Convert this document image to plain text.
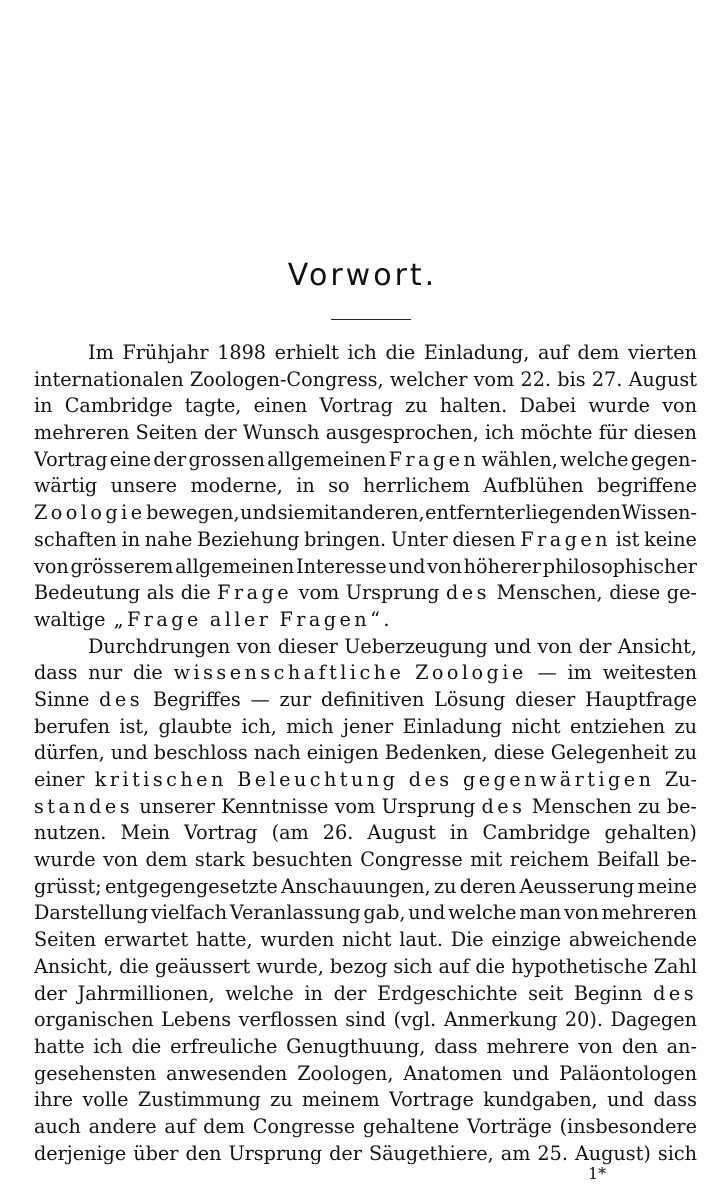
Vorwort.
Im Frühjahr 1898 erhielt ich die Einladung, auf dem vierten
internationalen Zoologen-Congress, welcher vom 22. bis 27. August
in Cambridge tagte, einen Vortrag zu halten. Dabei wurde von
mehreren Seiten der Wunsch ausgesprochen, ich möchte für diesen
Vortrag eine der grossen allgemeinen Fragen wählen, welche gegen-
wärtig unsere moderne, in so herrlichem Aufblühen begriffene
Zoologie bewegen, und sie mit anderen, entfernter liegenden Wissen-
schaften in nahe Beziehung bringen. Unter diesen Fragen ist keine
von grösserem allgemeinen Interesse und von höherer philosophischer
Bedeutung als die Frage vom Ursprung des Menschen, diese ge-
waltige „Frage aller Fragen“.
Durchdrungen von dieser Ueberzeugung und von der Ansicht,
dass nur die wissenschaftliche Zoologie — im weitesten
Sinne des Begriffes — zur definitiven Lösung dieser Hauptfrage
berufen ist, glaubte ich, mich jener Einladung nicht entziehen zu
dürfen, und beschloss nach einigen Bedenken, diese Gelegenheit zu
einer kritischen Beleuchtung des gegenwärtigen Zu-
standes unserer Kenntnisse vom Ursprung des Menschen zu be-
nutzen. Mein Vortrag (am 26. August in Cambridge gehalten)
wurde von dem stark besuchten Congresse mit reichem Beifall be-
grüsst; entgegengesetzte Anschauungen, zu deren Aeusserung meine
Darstellung vielfach Veranlassung gab, und welche man von mehreren
Seiten erwartet hatte, wurden nicht laut. Die einzige abweichende
Ansicht, die geäussert wurde, bezog sich auf die hypothetische Zahl
der Jahrmillionen, welche in der Erdgeschichte seit Beginn des
organischen Lebens verflossen sind (vgl. Anmerkung 20). Dagegen
hatte ich die erfreuliche Genugthuung, dass mehrere von den an-
gesehensten anwesenden Zoologen, Anatomen und Paläontologen
ihre volle Zustimmung zu meinem Vortrage kundgaben, und dass
auch andere auf dem Congresse gehaltene Vorträge (insbesondere
derjenige über den Ursprung der Säugethiere, am 25. August) sich
1*
